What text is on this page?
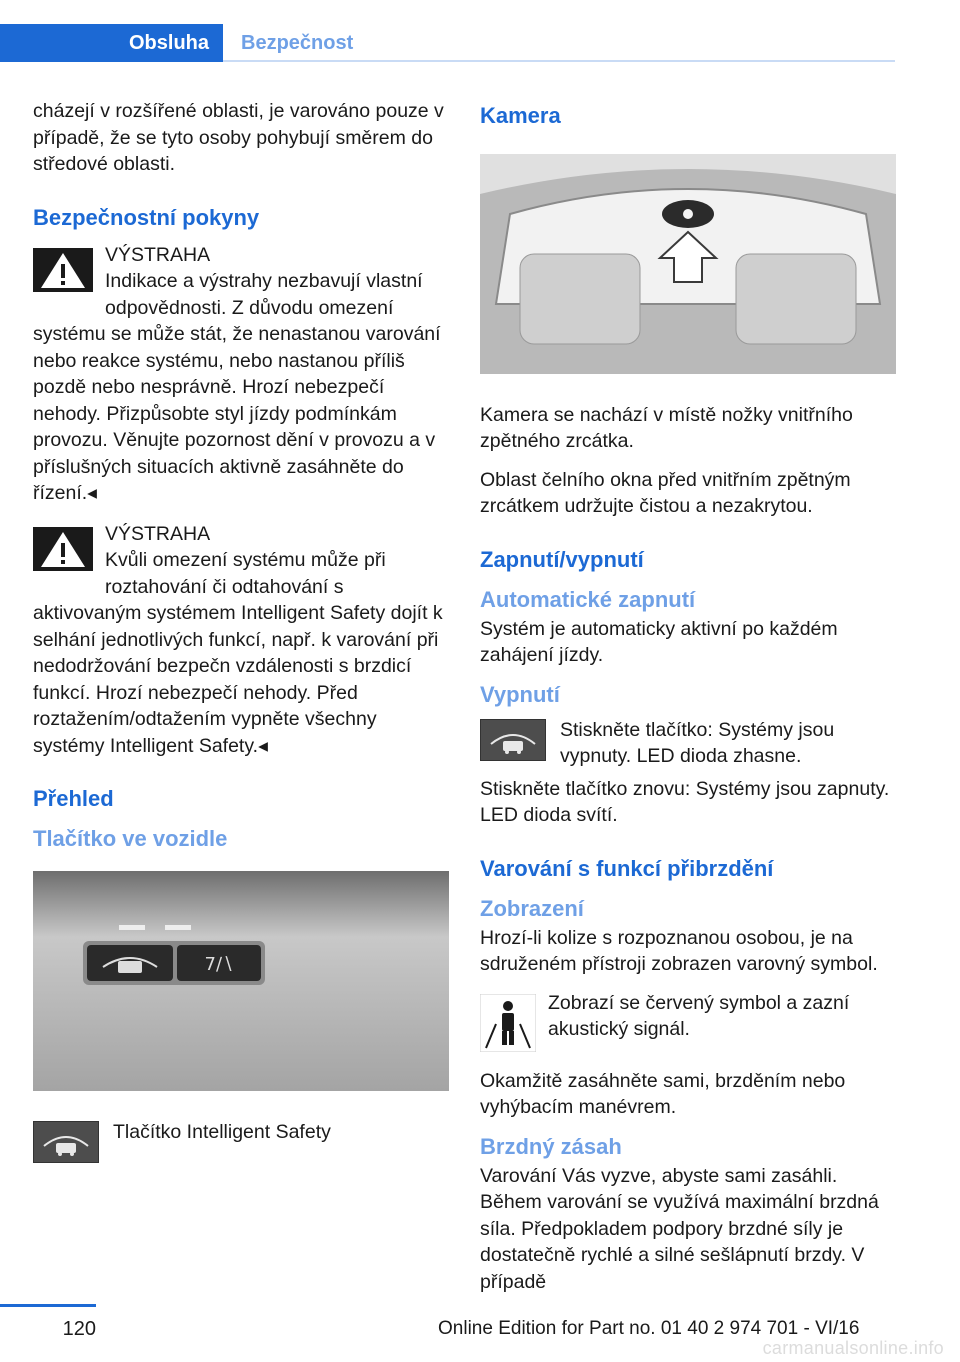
Obsluha	Bezpečnost

cházejí v rozšířené oblasti, je varováno pouze v případě, že se tyto osoby pohybují směrem do středové oblasti.

Bezpečnostní pokyny
VÝSTRAHA
Indikace a výstrahy nezbavují vlastní odpovědnosti. Z důvodu omezení systému se může stát, že nenastanou varování nebo reakce systému, nebo nastanou příliš pozdě nebo nesprávně. Hrozí nebezpečí nehody. Přizpůsobte styl jízdy podmínkám provozu. Věnujte pozornost dění v provozu a v příslušných situacích aktivně zasáhněte do řízení.◂
VÝSTRAHA
Kvůli omezení systému může při roztahování či odtahování s aktivovaným systémem Intelligent Safety dojít k selhání jednotlivých funkcí, např. k varování při nedodržování bezpečn vzdálenosti s brzdicí funkcí. Hrozí nebezpečí nehody. Před roztažením/odtažením vypněte všechny systémy Intelligent Safety.◂
Přehled
Tlačítko ve vozidle
7∕∖
Tlačítko Intelligent Safety
Kamera

Kamera se nachází v místě nožky vnitřního zpětného zrcátka.

Oblast čelního okna před vnitřním zpětným zrcátkem udržujte čistou a nezakrytou.

Zapnutí/vypnutí
Automatické zapnutí

Systém je automaticky aktivní po každém zahájení jízdy.

Vypnutí
Stiskněte tlačítko: Systémy jsou vypnuty. LED dioda zhasne.

Stiskněte tlačítko znovu: Systémy jsou zapnuty. LED dioda svítí.

Varování s funkcí přibrzdění
Zobrazení

Hrozí-li kolize s rozpoznanou osobou, je na sdruženém přístroji zobrazen varovný symbol.

Zobrazí se červený symbol a zazní akustický signál.

Okamžitě zasáhněte sami, brzděním nebo vyhýbacím manévrem.

Brzdný zásah

Varování Vás vyzve, abyste sami zasáhli. Během varování se využívá maximální brzdná síla. Předpokladem podpory brzdné síly je dostatečně rychlé a silné sešlápnutí brzdy. V případě

120	Online Edition for Part no. 01 40 2 974 701 - VI/16
carmanualsonline.info
